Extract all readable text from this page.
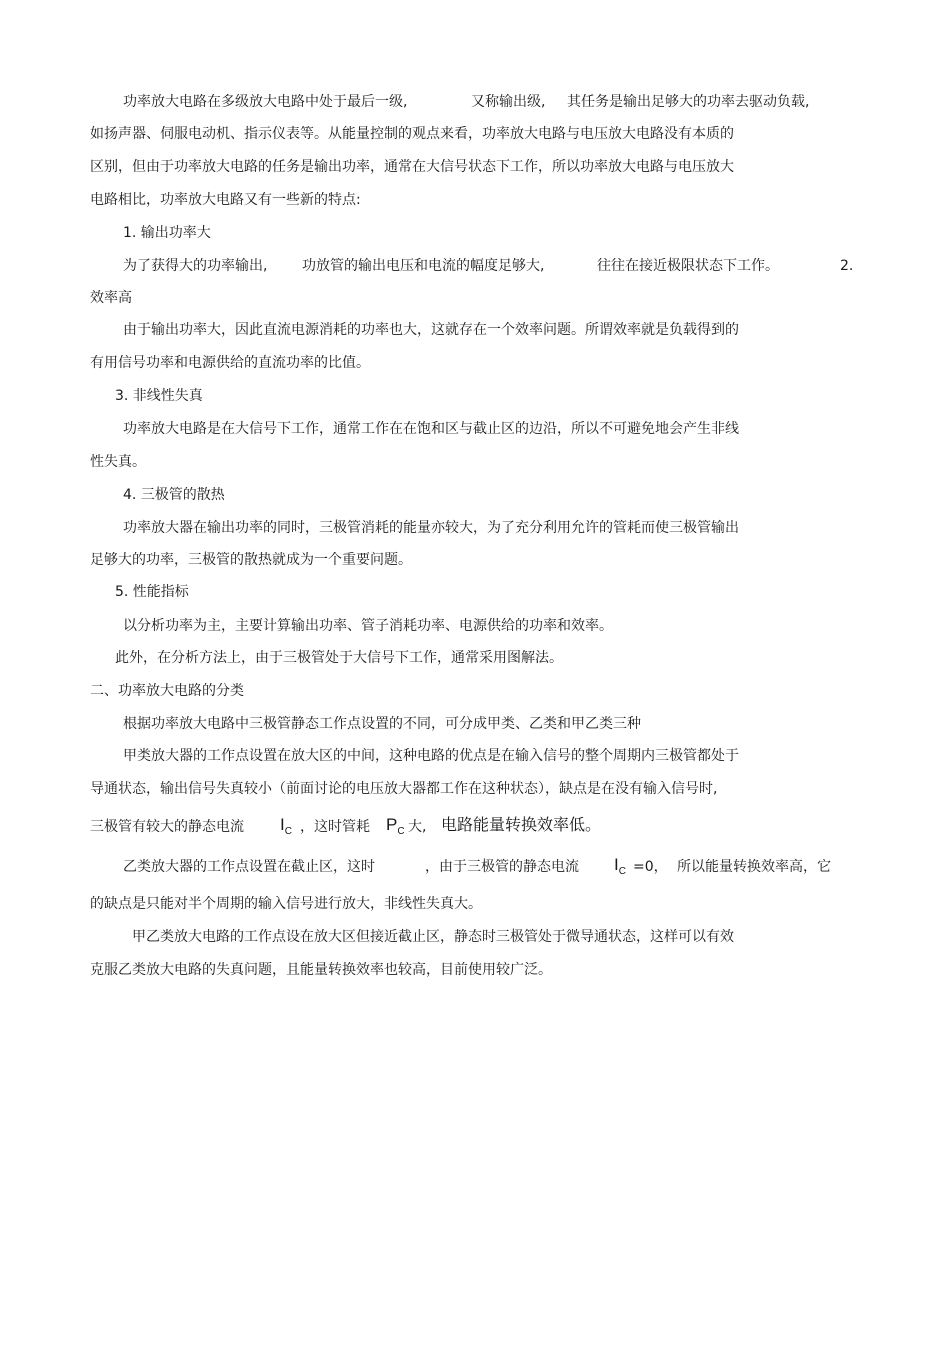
功率放大电路在多级放大电路中处于最后一级,	又称输出级, 其任务是输出足够大的功率去驱动负载,
如扬声器、伺服电动机、指示仪表等。从能量控制的观点来看，功率放大电路与电压放大电路没有本质的
区别，但由于功率放大电路的任务是输出功率，通常在大信号状态下工作，所以功率放大电路与电压放大
电路相比，功率放大电路又有一些新的特点:
1. 输出功率大
为了获得大的功率输出, 功放管的输出电压和电流的幅度足够大,	往往在接近极限状态下工作。	2.
效率高
由于输出功率大，因此直流电源消耗的功率也大，这就存在一个效率问题。所谓效率就是负载得到的
有用信号功率和电源供给的直流功率的比值。
3. 非线性失真
功率放大电路是在大信号下工作，通常工作在在饱和区与截止区的边沿，所以不可避免地会产生非线
性失真。
4. 三极管的散热
功率放大器在输出功率的同时，三极管消耗的能量亦较大，为了充分利用允许的管耗而使三极管输出
足够大的功率，三极管的散热就成为一个重要问题。
5. 性能指标
以分析功率为主，主要计算输出功率、管子消耗功率、电源供给的功率和效率。
此外，在分析方法上，由于三极管处于大信号下工作，通常采用图解法。
二、功率放大电路的分类
根据功率放大电路中三极管静态工作点设置的不同，可分成甲类、乙类和甲乙类三种
甲类放大器的工作点设置在放大区的中间，这种电路的优点是在输入信号的整个周期内三极管都处于
导通状态，输出信号失真较小（前面讨论的电压放大器都工作在这种状态），缺点是在没有输入信号时,
三极管有较大的静态电流 $I_C$ ，这时管耗 $P_C$ 大, 电路能量转换效率低。
乙类放大器的工作点设置在截止区，这时	，由于三极管的静态电流 $I_C =0$， 所以能量转换效率高，它
的缺点是只能对半个周期的输入信号进行放大，非线性失真大。
甲乙类放大电路的工作点设在放大区但接近截止区，静态时三极管处于微导通状态，这样可以有效
克服乙类放大电路的失真问题，且能量转换效率也较高，目前使用较广泛。
